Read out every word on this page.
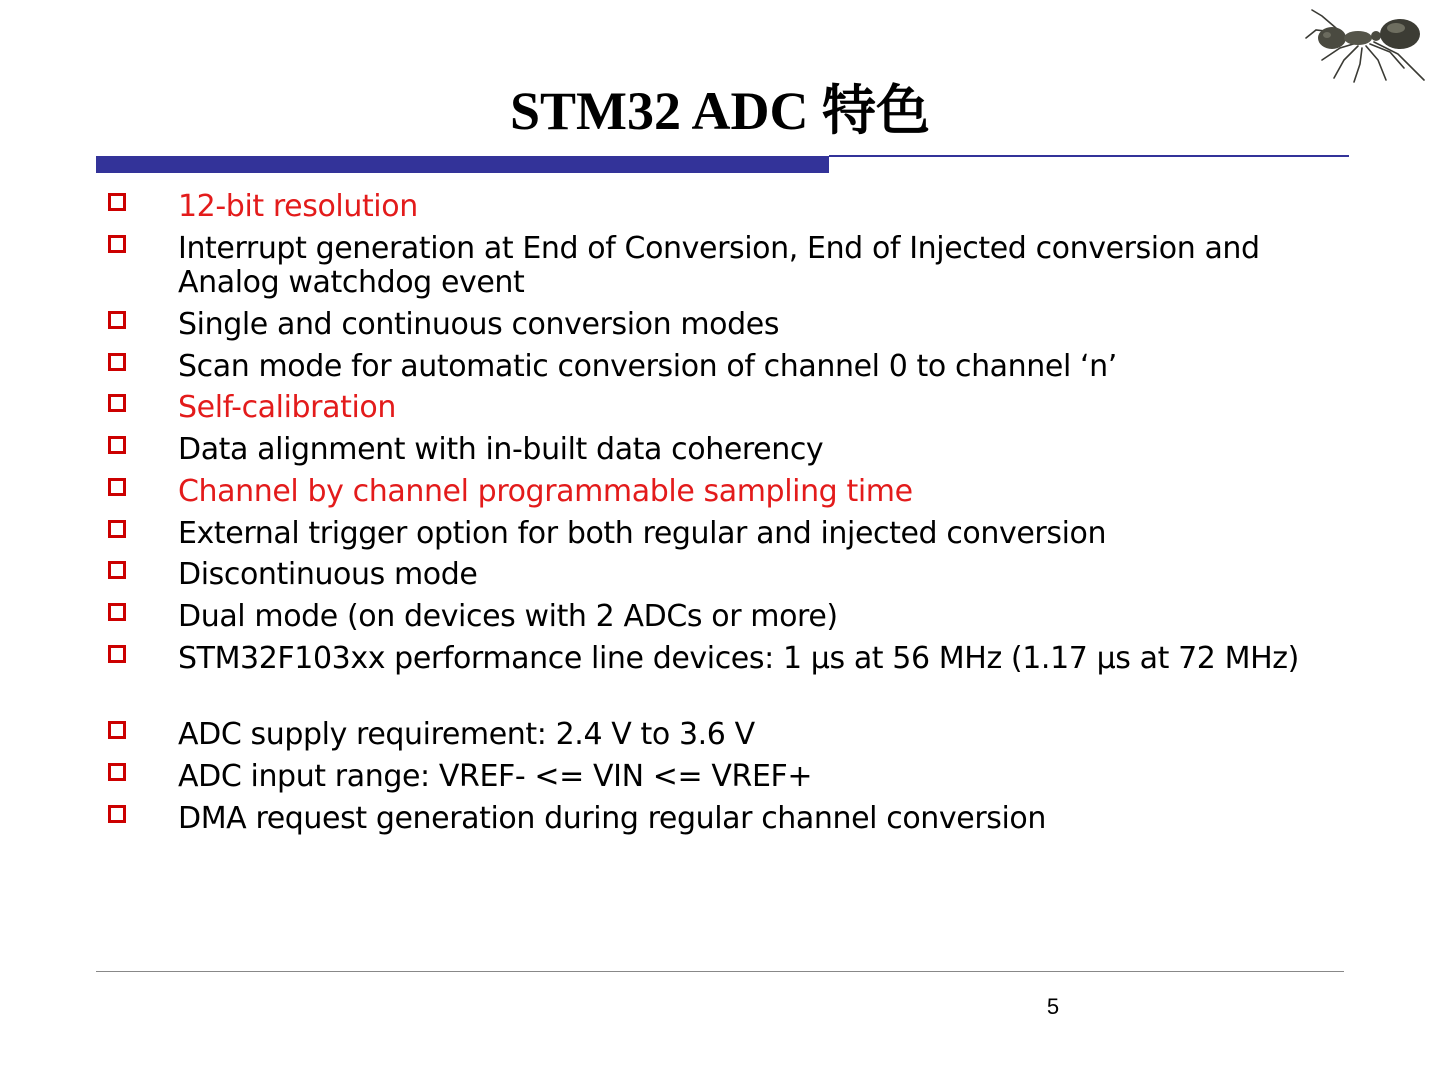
STM32 ADC 特色
12-bit resolution
Interrupt generation at End of Conversion, End of Injected conversion and Analog watchdog event
Single and continuous conversion modes
Scan mode for automatic conversion of channel 0 to channel ‘n’
Self-calibration
Data alignment with in-built data coherency
Channel by channel programmable sampling time
External trigger option for both regular and injected conversion
Discontinuous mode
Dual mode (on devices with 2 ADCs or more)
STM32F103xx performance line devices: 1 μs at 56 MHz (1.17 μs at 72 MHz)
ADC supply requirement: 2.4 V to 3.6 V
ADC input range: VREF- <= VIN <= VREF+
DMA request generation during regular channel conversion
5
